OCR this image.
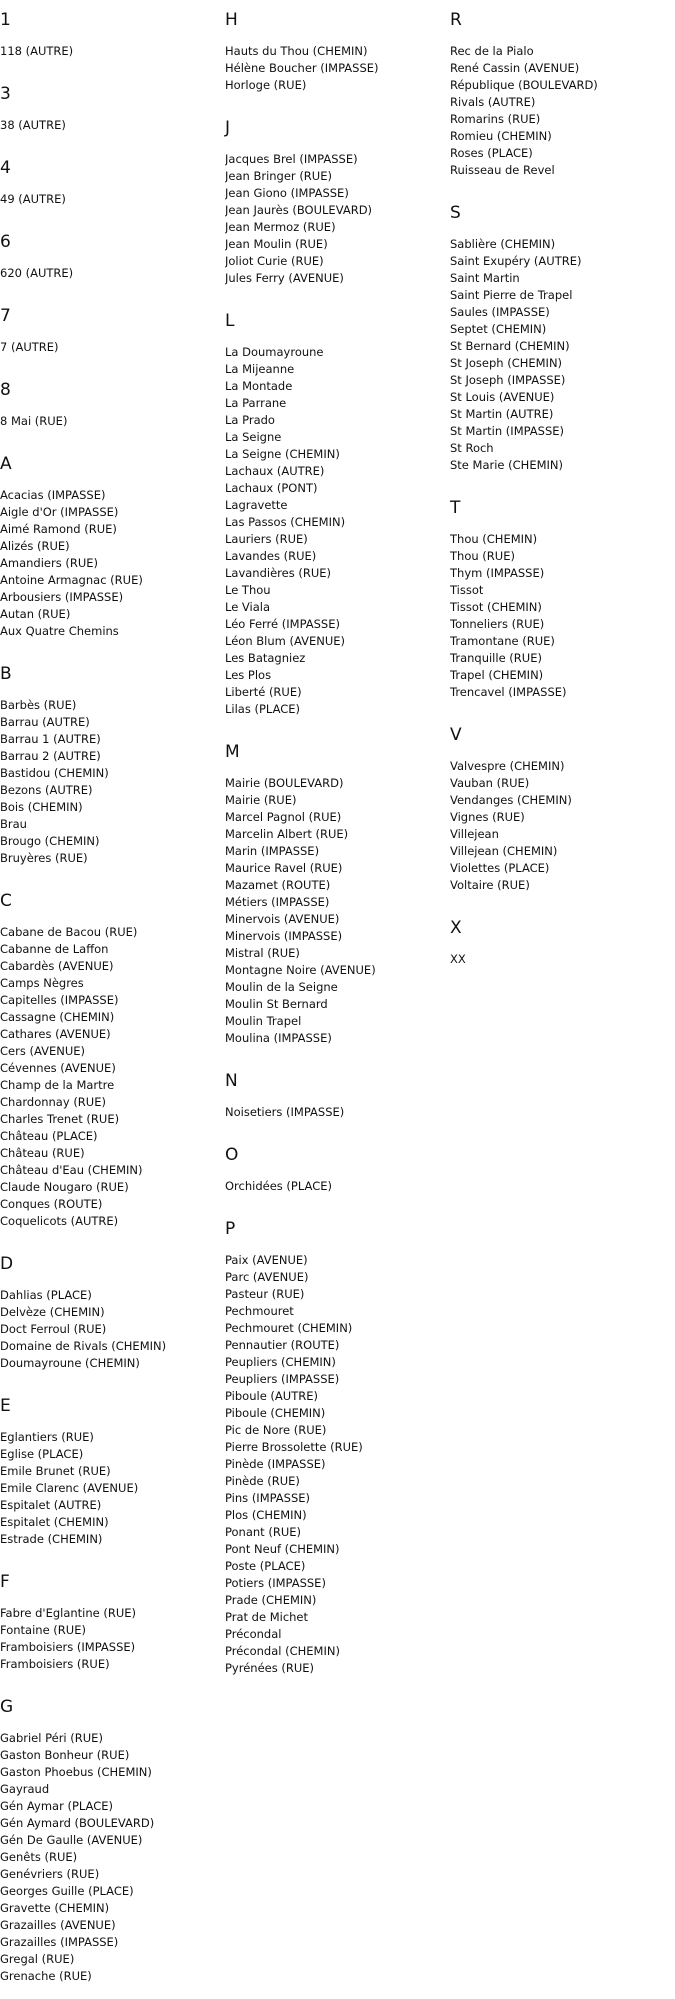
1
118 (AUTRE)
3
38 (AUTRE)
4
49 (AUTRE)
6
620 (AUTRE)
7
7 (AUTRE)
8
8 Mai (RUE)
A
Acacias (IMPASSE)
Aigle d'Or (IMPASSE)
Aimé Ramond (RUE)
Alizés (RUE)
Amandiers (RUE)
Antoine Armagnac (RUE)
Arbousiers (IMPASSE)
Autan (RUE)
Aux Quatre Chemins
B
Barbès (RUE)
Barrau (AUTRE)
Barrau 1 (AUTRE)
Barrau 2 (AUTRE)
Bastidou (CHEMIN)
Bezons (AUTRE)
Bois (CHEMIN)
Brau
Brougo (CHEMIN)
Bruyères (RUE)
C
Cabane de Bacou (RUE)
Cabanne de Laffon
Cabardès (AVENUE)
Camps Nègres
Capitelles (IMPASSE)
Cassagne (CHEMIN)
Cathares (AVENUE)
Cers (AVENUE)
Cévennes (AVENUE)
Champ de la Martre
Chardonnay (RUE)
Charles Trenet (RUE)
Château (PLACE)
Château (RUE)
Château d'Eau (CHEMIN)
Claude Nougaro (RUE)
Conques (ROUTE)
Coquelicots (AUTRE)
D
Dahlias (PLACE)
Delvèze (CHEMIN)
Doct Ferroul (RUE)
Domaine de Rivals (CHEMIN)
Doumayroune (CHEMIN)
E
Eglantiers (RUE)
Eglise (PLACE)
Emile Brunet (RUE)
Emile Clarenc (AVENUE)
Espitalet (AUTRE)
Espitalet (CHEMIN)
Estrade (CHEMIN)
F
Fabre d'Eglantine (RUE)
Fontaine (RUE)
Framboisiers (IMPASSE)
Framboisiers (RUE)
G
Gabriel Péri (RUE)
Gaston Bonheur (RUE)
Gaston Phoebus (CHEMIN)
Gayraud
Gén Aymar (PLACE)
Gén Aymard (BOULEVARD)
Gén De Gaulle (AVENUE)
Genêts (RUE)
Genévriers (RUE)
Georges Guille (PLACE)
Gravette (CHEMIN)
Grazailles (AVENUE)
Grazailles (IMPASSE)
Gregal (RUE)
Grenache (RUE)
H
Hauts du Thou (CHEMIN)
Hélène Boucher (IMPASSE)
Horloge (RUE)
J
Jacques Brel (IMPASSE)
Jean Bringer (RUE)
Jean Giono (IMPASSE)
Jean Jaurès (BOULEVARD)
Jean Mermoz (RUE)
Jean Moulin (RUE)
Joliot Curie (RUE)
Jules Ferry (AVENUE)
L
La Doumayroune
La Mijeanne
La Montade
La Parrane
La Prado
La Seigne
La Seigne (CHEMIN)
Lachaux (AUTRE)
Lachaux (PONT)
Lagravette
Las Passos (CHEMIN)
Lauriers (RUE)
Lavandes (RUE)
Lavandières (RUE)
Le Thou
Le Viala
Léo Ferré (IMPASSE)
Léon Blum (AVENUE)
Les Batagniez
Les Plos
Liberté (RUE)
Lilas (PLACE)
M
Mairie (BOULEVARD)
Mairie (RUE)
Marcel Pagnol (RUE)
Marcelin Albert (RUE)
Marin (IMPASSE)
Maurice Ravel (RUE)
Mazamet (ROUTE)
Métiers (IMPASSE)
Minervois (AVENUE)
Minervois (IMPASSE)
Mistral (RUE)
Montagne Noire (AVENUE)
Moulin de la Seigne
Moulin St Bernard
Moulin Trapel
Moulina (IMPASSE)
N
Noisetiers (IMPASSE)
O
Orchidées (PLACE)
P
Paix (AVENUE)
Parc (AVENUE)
Pasteur (RUE)
Pechmouret
Pechmouret (CHEMIN)
Pennautier (ROUTE)
Peupliers (CHEMIN)
Peupliers (IMPASSE)
Piboule (AUTRE)
Piboule (CHEMIN)
Pic de Nore (RUE)
Pierre Brossolette (RUE)
Pinède (IMPASSE)
Pinède (RUE)
Pins (IMPASSE)
Plos (CHEMIN)
Ponant (RUE)
Pont Neuf (CHEMIN)
Poste (PLACE)
Potiers (IMPASSE)
Prade (CHEMIN)
Prat de Michet
Précondal
Précondal (CHEMIN)
Pyrénées (RUE)
R
Rec de la Pialo
René Cassin (AVENUE)
République (BOULEVARD)
Rivals (AUTRE)
Romarins (RUE)
Romieu (CHEMIN)
Roses (PLACE)
Ruisseau de Revel
S
Sablière (CHEMIN)
Saint Exupéry (AUTRE)
Saint Martin
Saint Pierre de Trapel
Saules (IMPASSE)
Septet (CHEMIN)
St Bernard (CHEMIN)
St Joseph (CHEMIN)
St Joseph (IMPASSE)
St Louis (AVENUE)
St Martin (AUTRE)
St Martin (IMPASSE)
St Roch
Ste Marie (CHEMIN)
T
Thou (CHEMIN)
Thou (RUE)
Thym (IMPASSE)
Tissot
Tissot (CHEMIN)
Tonneliers (RUE)
Tramontane (RUE)
Tranquille (RUE)
Trapel (CHEMIN)
Trencavel (IMPASSE)
V
Valvespre (CHEMIN)
Vauban (RUE)
Vendanges (CHEMIN)
Vignes (RUE)
Villejean
Villejean (CHEMIN)
Violettes (PLACE)
Voltaire (RUE)
X
XX
